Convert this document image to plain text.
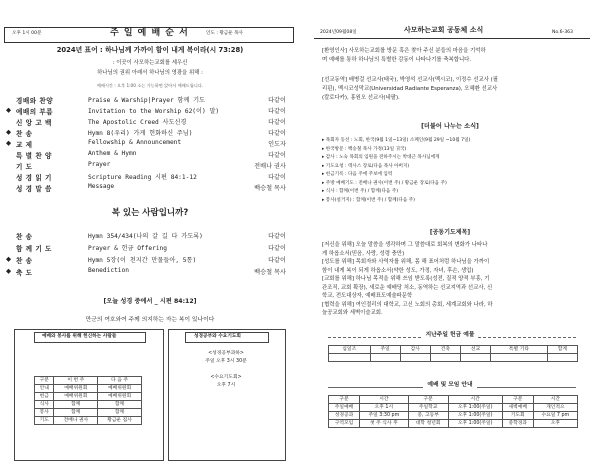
오후 1시 00분	주 일 예 배 순 서	인도 : 황금운 목사
2024년 표어 : 하나님께 가까이 함이 내게 복이라(시 73:28)
: 이곳이 사모하는교회를 세우신
하나님의 권위 아래서 하나님의 영광을 위해 :
예배시간 : 오후 1:00 소는 가능하면 앉아서 예배드립니다.
경배와 찬양	Praise & Warship|Prayer 함께 기도	다같이
◆ 예배의 부름	Invitation to the Worship 62(이) 말)	다같이
신 앙 고 백	The Apostolic Creed 사도신경	다같이
◆ 찬 송	Hymn 8(우리) 가게 헌화하신 주님)	다같이
◆ 교 제	Fellowship & Announcement	인도자
특 별 찬 양	Anthem & Hymn	다같이
기 도	Prayer	전배나 권사
성 경 읽 기	Scripture Reading 시편 84:1-12	다같이
성 경 말 씀	Message	백승철 목사
복 있는 사람입니까?
찬 송	Hymn 354/434(나의 갈 길 다 가도록)	다같이
함 께 기 도	Prayer & 헌금 Offering	다같이
◆ 찬 송	Hymn 5장(이 천지간 만물들아, 5통)	다같이
◆ 축 도	Benediction	백승철 목사
[오늘 성경 중에서 _ 시편 84:12]
만군의 여호와여 주께 의지하는 자는 복이 있나이다
예배와 봉사를 위해 헌신하는 사람들
구분	이 번 주	다 음 주
안내	예배위원회	예배위원회
헌금	예배위원회	예배위원회
식사	함께	함께
봉사	함께	함께
기도	전배나 권사	황금운 집사
성경공부와 수요기도회
<성경공부과하>
주일 오후 3시 30분
<수요기도회>
오후 7시
2024년09월08일	사모하는교회 공동체 소식	No.6-363
[환영인사] 사모하는교회를 방문 혹은 찾아 주신 분들의 마음을 기억하
며 예배를 통하 하나님의 특별한 감동이 나타나기를 축복합니다.
[선교동역] 배병걸 선교사(태국), 박영석 선교사(멕시코), 이정수 선교사 (필
리핀), 멕시코성막교(Universidad Radiante Esperanza), 오혜환 선교사
(칼로다카), 홍원오 선교사(네팔).
[더불어 나누는 소식]
▸ 목회자 동선 : 노회, 한국(9월 1일~13일) 소페인(9월 29일 ~10월 7일)
▸ 한국방문 : 백승철 목사 가정(13일 귀국)
▸ 감사 : 노숙 목회의 임원을 전하주시는 박대근 목사님에게
▸ 기도요청 : 텍사스 장로(다음 목사 아버지)
▸ 헌금기록 : 다음 주에 주보에 입력
▸ 주방 예배기도 : 전배나 권사(이번 주) / 황금운 장로(다음 주)
▸ 식사 : 함께(이번 주) / 함께(다음 주)
▸ 봉사(설거지) : 함께(이번 주) / 함께(다음 주)
[공동기도제목]
[저신을 위해] 오늘 말씀을 생각하며 그 말씀대로 회복의 변화가 나타나
게 하옵소서(믿음, 사랑, 성령 충만)
[성도를 위해] 목회자와 사역자를 위해, 몸 해 표어처럼 하나님을 가까이
함이 내게 복이 되게 하옵소서(약한 성도, 가정, 자녀, 후손, 생업)
[교회를 위해] 하나님 목적을 위해 쓰임 받도록(성전, 질적 양적 부흥, 기
관조직, 교회 확장), 새로운 예배당 처소, 동역하는 선교지역과 선교사, 신
학교, 전도대상자, 예배표도예술파문학
[협력을 위해] 여인절리의 대학교, 고신 노회의 총회, 세계교회와 나라, 하
늘공교회와 세벽이슬교회.
지난주일 헌금 예물
십일조	주일	감사	건축	선교	특별 기타	합계

예배 및 모임 안내
구분	시간	구분	시간	구분	시간
주일예배	오후 1시	주일학교	오후 1:00(주일)	새벽예배	개인적으
성경공과	주일 3:30 pm	중, 고등부	오후 1:00(주일)	기도회	수요일 7 pm
구역모임	첫 주 식사 후	대학 청년회	오후 1:00(주일)	중학경과	오후
